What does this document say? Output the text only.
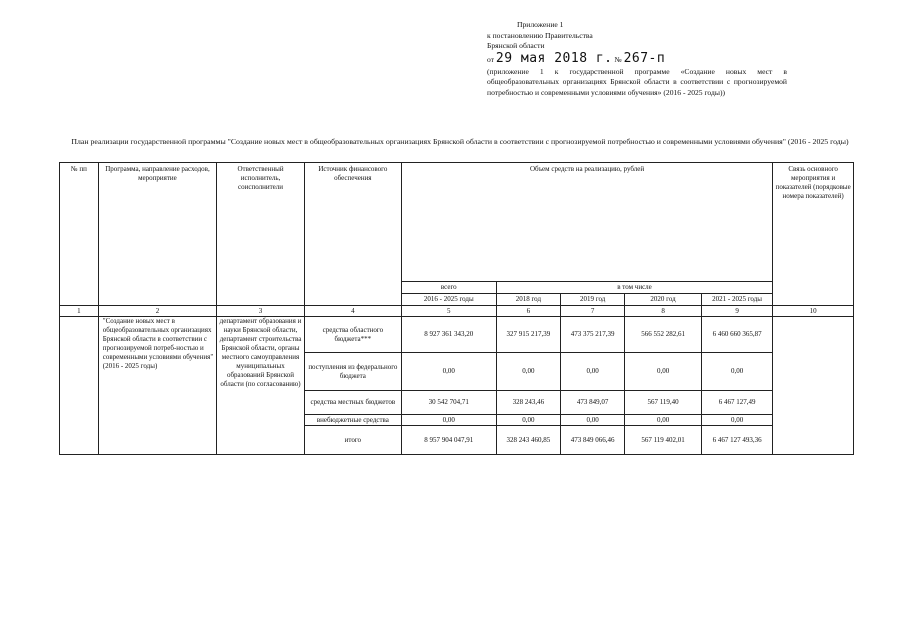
Приложение 1
к постановлению Правительства
Брянской области
от 29 мая 2018 г. № 267-п
(приложение 1 к государственной программе «Создание новых мест в общеобразовательных организациях Брянской области в соответствии с прогнозируемой потребностью и современными условиями обучения» (2016 - 2025 годы))
План реализации государственной программы "Создание новых мест в общеобразовательных организациях Брянской области в соответствии с прогнозируемой потребностью и современными условиями обучения" (2016 - 2025 годы)
№ пп	Программа, направление расходов, мероприятие	Ответственный исполнитель, соисполнители	Источник финансового обеспечения	Объем средств на реализацию, рублей					Связь основного мероприятия и показателей (порядковые номера показателей)
				всего	в том числе				
				2016 - 2025 годы	2018 год	2019 год	2020 год	2021 - 2025 годы	
1	2	3	4	5	6	7	8	9	10
	"Создание новых мест в общеобразовательных организациях Брянской области в соответствии с прогнозируемой потреб-ностью и современными условиями обучения" (2016 - 2025 годы)	департамент образования и науки Брянской области, департамент строительства Брянской области, органы местного самоуправления муниципальных образований Брянской области (по согласованию)	средства областного бюджета***	8 927 361 343,20	327 915 217,39	473 375 217,39	566 552 282,61	6 460 660 365,87	
			поступления из федерального бюджета	0,00	0,00	0,00	0,00	0,00	
			средства местных бюджетов	30 542 704,71	328 243,46	473 849,07	567 119,40	6 467 127,49	
			внебюджетные средства	0,00	0,00	0,00	0,00	0,00	
			итого	8 957 904 047,91	328 243 460,85	473 849 066,46	567 119 402,01	6 467 127 493,36	
